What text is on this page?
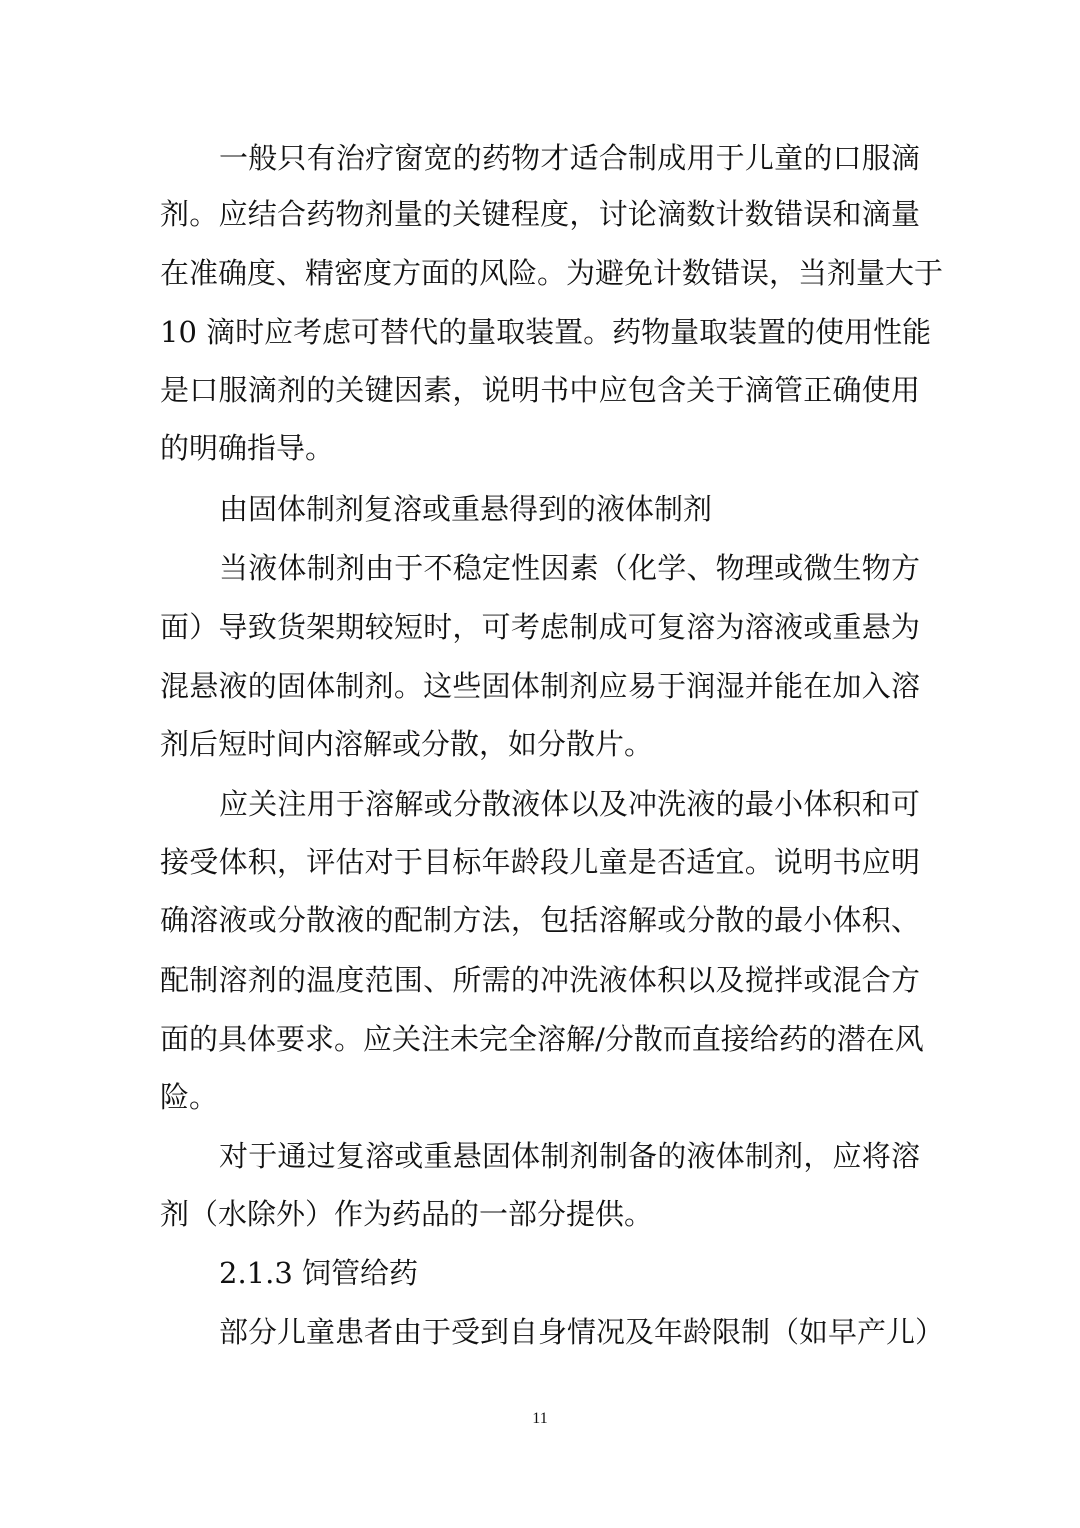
一般只有治疗窗宽的药物才适合制成用于儿童的口服滴
剂。应结合药物剂量的关键程度，讨论滴数计数错误和滴量
在准确度、精密度方面的风险。为避免计数错误，当剂量大于
10 滴时应考虑可替代的量取装置。药物量取装置的使用性能
是口服滴剂的关键因素，说明书中应包含关于滴管正确使用
的明确指导。
由固体制剂复溶或重悬得到的液体制剂
当液体制剂由于不稳定性因素（化学、物理或微生物方
面）导致货架期较短时，可考虑制成可复溶为溶液或重悬为
混悬液的固体制剂。这些固体制剂应易于润湿并能在加入溶
剂后短时间内溶解或分散，如分散片。
应关注用于溶解或分散液体以及冲洗液的最小体积和可
接受体积，评估对于目标年龄段儿童是否适宜。说明书应明
确溶液或分散液的配制方法，包括溶解或分散的最小体积、
配制溶剂的温度范围、所需的冲洗液体积以及搅拌或混合方
面的具体要求。应关注未完全溶解/分散而直接给药的潜在风
险。
对于通过复溶或重悬固体制剂制备的液体制剂，应将溶
剂（水除外）作为药品的一部分提供。
2.1.3 饲管给药
部分儿童患者由于受到自身情况及年龄限制（如早产儿）
11
